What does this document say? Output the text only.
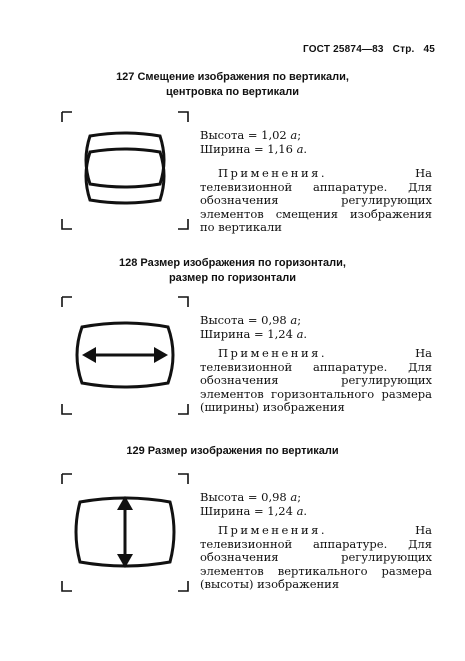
ГОСТ 25874—83 Стр. 45
127 Смещение изображения по вертикали,
центровка по вертикали
Высота = 1,02 a;
Ширина = 1,16 a.
Применения.	На телевизионной аппаратуре. Для обозначения регулирующих элементов смещения изображения по вертикали
128 Размер изображения по горизонтали,
размер по горизонтали
Высота = 0,98 a;
Ширина = 1,24 a.
Применения.	На телевизионной аппаратуре. Для обозначения регулирующих элементов горизонтального размера (ширины) изображения
129 Размер изображения по вертикали
Высота = 0,98 a;
Ширина = 1,24 a.
Применения.	На телевизионной аппаратуре. Для обозначения регулирующих элементов вертикального размера (высоты) изображения
